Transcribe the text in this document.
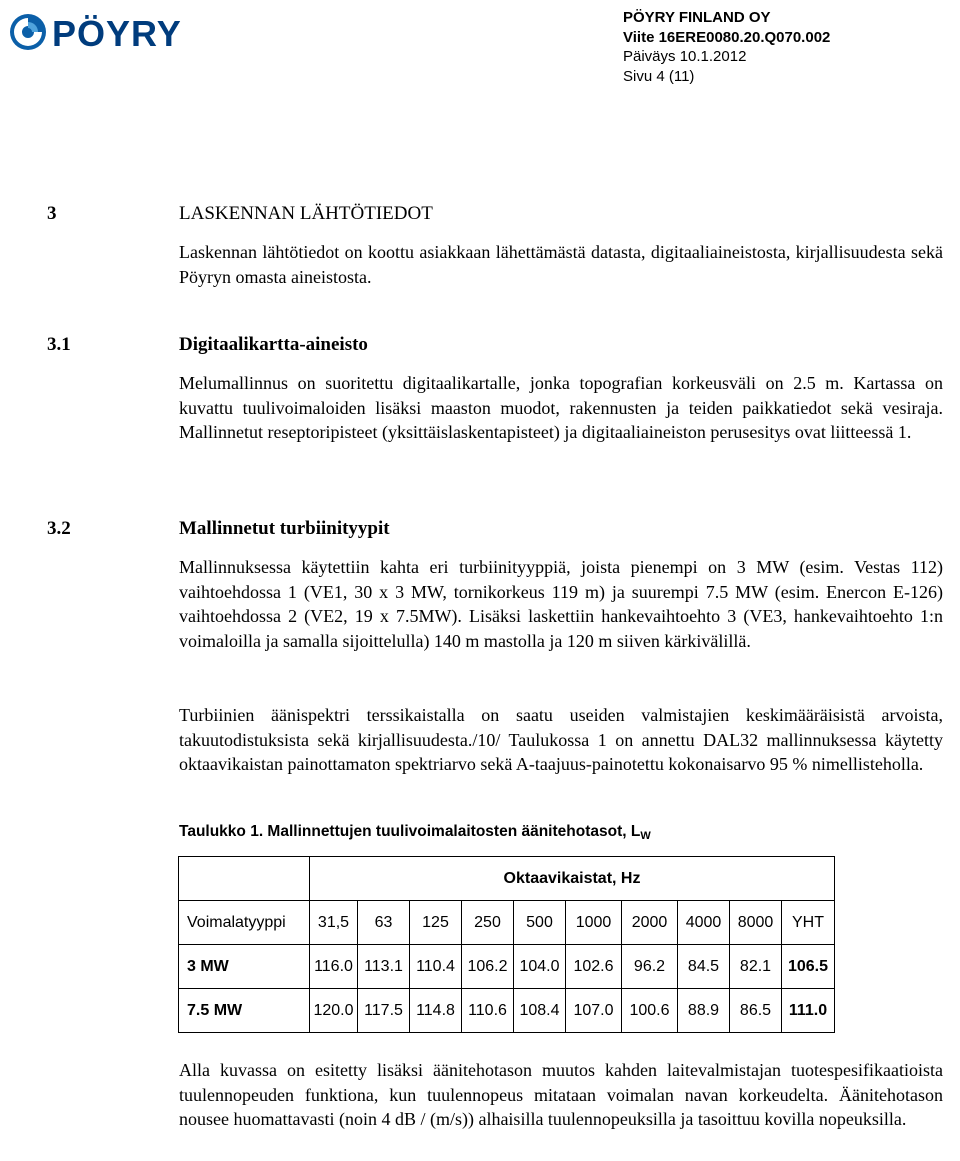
PÖYRY	PÖYRY FINLAND OY
Viite 16ERE0080.20.Q070.002
Päiväys 10.1.2012
Sivu 4 (11)
3	LASKENNAN LÄHTÖTIEDOT
Laskennan lähtötiedot on koottu asiakkaan lähettämästä datasta, digitaaliaineistosta, kirjallisuudesta sekä Pöyryn omasta aineistosta.
3.1	Digitaalikartta-aineisto
Melumallinnus on suoritettu digitaalikartalle, jonka topografian korkeusväli on 2.5 m. Kartassa on kuvattu tuulivoimaloiden lisäksi maaston muodot, rakennusten ja teiden paikkatiedot sekä vesiraja. Mallinnetut reseptoripisteet (yksittäislaskentapisteet) ja digitaaliaineiston perusesitys ovat liitteessä 1.
3.2	Mallinnetut turbiinityypit
Mallinnuksessa käytettiin kahta eri turbiinityyppiä, joista pienempi on 3 MW (esim. Vestas 112) vaihtoehdossa 1 (VE1, 30 x 3 MW, tornikorkeus 119 m) ja suurempi 7.5 MW (esim. Enercon E-126) vaihtoehdossa 2 (VE2, 19 x 7.5MW). Lisäksi laskettiin hankevaihtoehto 3 (VE3, hankevaihtoehto 1:n voimaloilla ja samalla sijoittelulla) 140 m mastolla ja 120 m siiven kärkivälillä.
Turbiinien äänispektri terssikaistalla on saatu useiden valmistajien keskimääräisistä arvoista, takuutodistuksista sekä kirjallisuudesta./10/ Taulukossa 1 on annettu DAL32 mallinnuksessa käytetty oktaavikaistan painottamaton spektriarvo sekä A-taajuus-painotettu kokonaisarvo 95 % nimellisteholla.
Taulukko 1. Mallinnettujen tuulivoimalaitosten äänitehotasot, $L_W$
	Oktaavikaistat, Hz									
Voimalatyyppi	31,5	63	125	250	500	1000	2000	4000	8000	YHT
3 MW	116.0	113.1	110.4	106.2	104.0	102.6	96.2	84.5	82.1	106.5
7.5 MW	120.0	117.5	114.8	110.6	108.4	107.0	100.6	88.9	86.5	111.0
Alla kuvassa on esitetty lisäksi äänitehotason muutos kahden laitevalmistajan tuotespesifikaatioista tuulennopeuden funktiona, kun tuulennopeus mitataan voimalan navan korkeudelta. Äänitehotason nousee huomattavasti (noin 4 dB / (m/s)) alhaisilla tuulennopeuksilla ja tasoittuu kovilla nopeuksilla.
